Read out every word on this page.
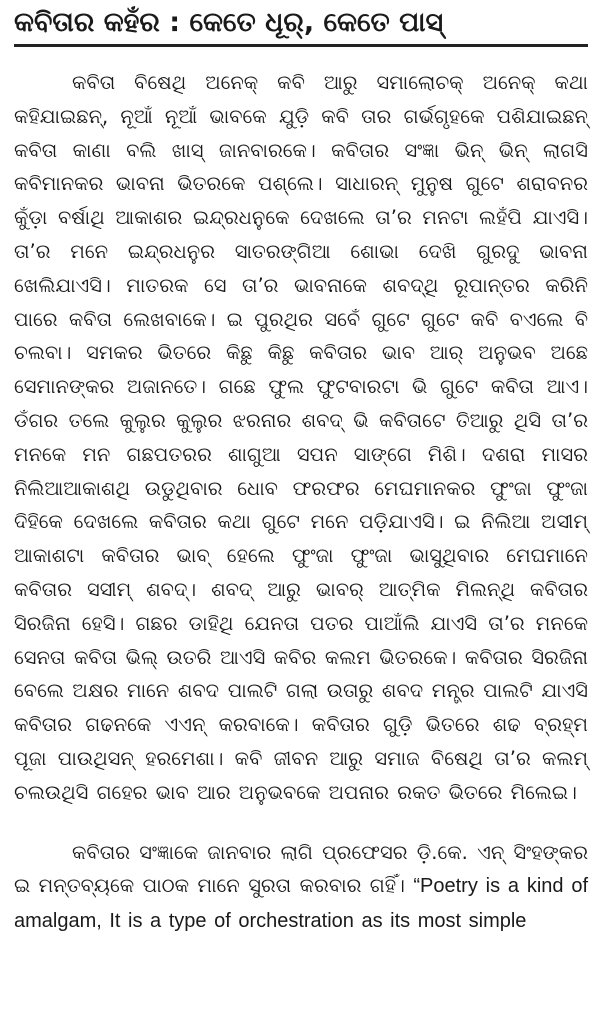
କବିତାର କହଁର : କେତେ ଧୂର୍, କେତେ ପାସ୍

କବିତା ବିଷେଥି ଅନେକ୍ କବି ଆରୁ ସମାଲୋଚକ୍ ଅନେକ୍ କଥା କହିଯାଇଛନ୍, ନୂଆଁ ନୂଆଁ ଭାବକେ ଯୁଡ଼ି କବି ତାର ଗର୍ଭଗୃହକେ ପଶିଯାଇଛନ୍ କବିତା କାଣା ବଲି ଖାସ୍ ଜାନବାରକେ। କବିତାର ସଂଜ୍ଞା ଭିନ୍ ଭିନ୍ ଲାଗସି କବିମାନକର ଭାବନା ଭିତରକେ ପଶ୍‌ଲେ। ସାଧାରନ୍ ମୁନୁଷ ଗୁଟେ ଶରାବନର କୁଁଡ଼ା ବର୍ଷାଥି ଆକାଶର ଇନ୍ଦ୍ରଧନୁକେ ଦେଖଲେ ତା’ର ମନଟା ଲହଁପି ଯାଏସି। ତା’ର ମନେ ଇନ୍ଦ୍ରଧନୁର ସାତରଙ୍ଗିଆ ଶୋଭା ଦେଖି ଗୁରଦୁ ଭାବନା ଖେଲିଯାଏସି। ମାତରକ ସେ ତା’ର ଭାବନାକେ ଶବଦ୍‌ଥି ରୂପାନ୍ତର କରିନି ପାରେ କବିତା ଲେଖବାକେ। ଇ ପୁରଥିର ସବେଁ ଗୁଟେ ଗୁଟେ କବି ବଏଲେ ବି ଚଲବା। ସମକର ଭିତରେ କିଛୁ କିଛୁ କବିତାର ଭାବ ଆର୍ ଅନୁଭବ ଅଛେ ସେମାନଙ୍କର ଅଜାନତେ। ଗଛେ ଫୁଲ ଫୁଟବାରଟା ଭି ଗୁଟେ କବିତା ଆଏ। ଡଁଗର ତଲେ କୁଲୁର କୁଲୁର ଝରନାର ଶବଦ୍ ଭି କବିତାଟେ ତିଆରୁ ଥିସି ତା’ର ମନକେ ମନ ଗଛପତରର ଶାଗୁଆ ସପନ ସାଙ୍ଗେ ମିଶି। ଦଶରା ମାସର ନିଲିଆଆକାଶଥି ଉଡୁଥିବାର ଧୋବ ଫରଫର ମେଘମାନକର ଫୁଂଜା ଫୁଂଜା ଦିହିକେ ଦେଖଲେ କବିତାର କଥା ଗୁଟେ ମନେ ପଡ଼ିଯାଏସି। ଇ ନିଲିଆ ଅସୀମ୍ ଆକାଶଟା କବିତାର ଭାବ୍ ହେଲେ ଫୁଂଜା ଫୁଂଜା ଭାସୁଥିବାର ମେଘମାନେ କବିତାର ସସୀମ୍ ଶବଦ୍। ଶବଦ୍ ଆରୁ ଭାବର୍ ଆତ୍ମିକ ମିଲନ୍‌ଥି କବିତାର ସିରଜିନା ହେସି। ଗଛର ଡାହିଥି ଯେନତା ପତର ପାଆଁଲି ଯାଏସି ତା’ର ମନକେ ସେନତା କବିତା ଭିଲ୍ ଉତରି ଆଏସି କବିର କଲମ ଭିତରକେ। କବିତାର ସିରଜିନା ବେଲେ ଅକ୍ଷର ମାନେ ଶବଦ ପାଲଟି ଗଲା ଉତାରୁ ଶବଦ ମନ୍ତ୍ର ପାଲଟି ଯାଏସି କବିତାର ଗଢନକେ ଏଏନ୍ କରବାକେ। କବିତାର ଗୁଡ଼ି ଭିତରେ ଶଢ ବ୍ରହ୍ମ ପୂଜା ପାଉଥିସନ୍ ହରମେଶା। କବି ଜୀବନ ଆରୁ ସମାଜ ବିଷେଥି ତା’ର କଲମ୍ ଚଲଉଥିସି ଗହେର ଭାବ ଆର ଅନୁଭବକେ ଅପନାର ରକତ ଭିତରେ ମିଲେଇ।

କବିତାର ସଂଜ୍ଞାକେ ଜାନବାର ଲାଗି ପ୍ରଫେସର ଡ଼ି.କେ. ଏନ୍ ସିଂହଙ୍କର ଇ ମନ୍ତବ୍ୟକେ ପାଠକ ମାନେ ସୁରତା କରବାର ଗହିଁ। “Poetry is a kind of amalgam, It is a type of orchestration as its most simple
